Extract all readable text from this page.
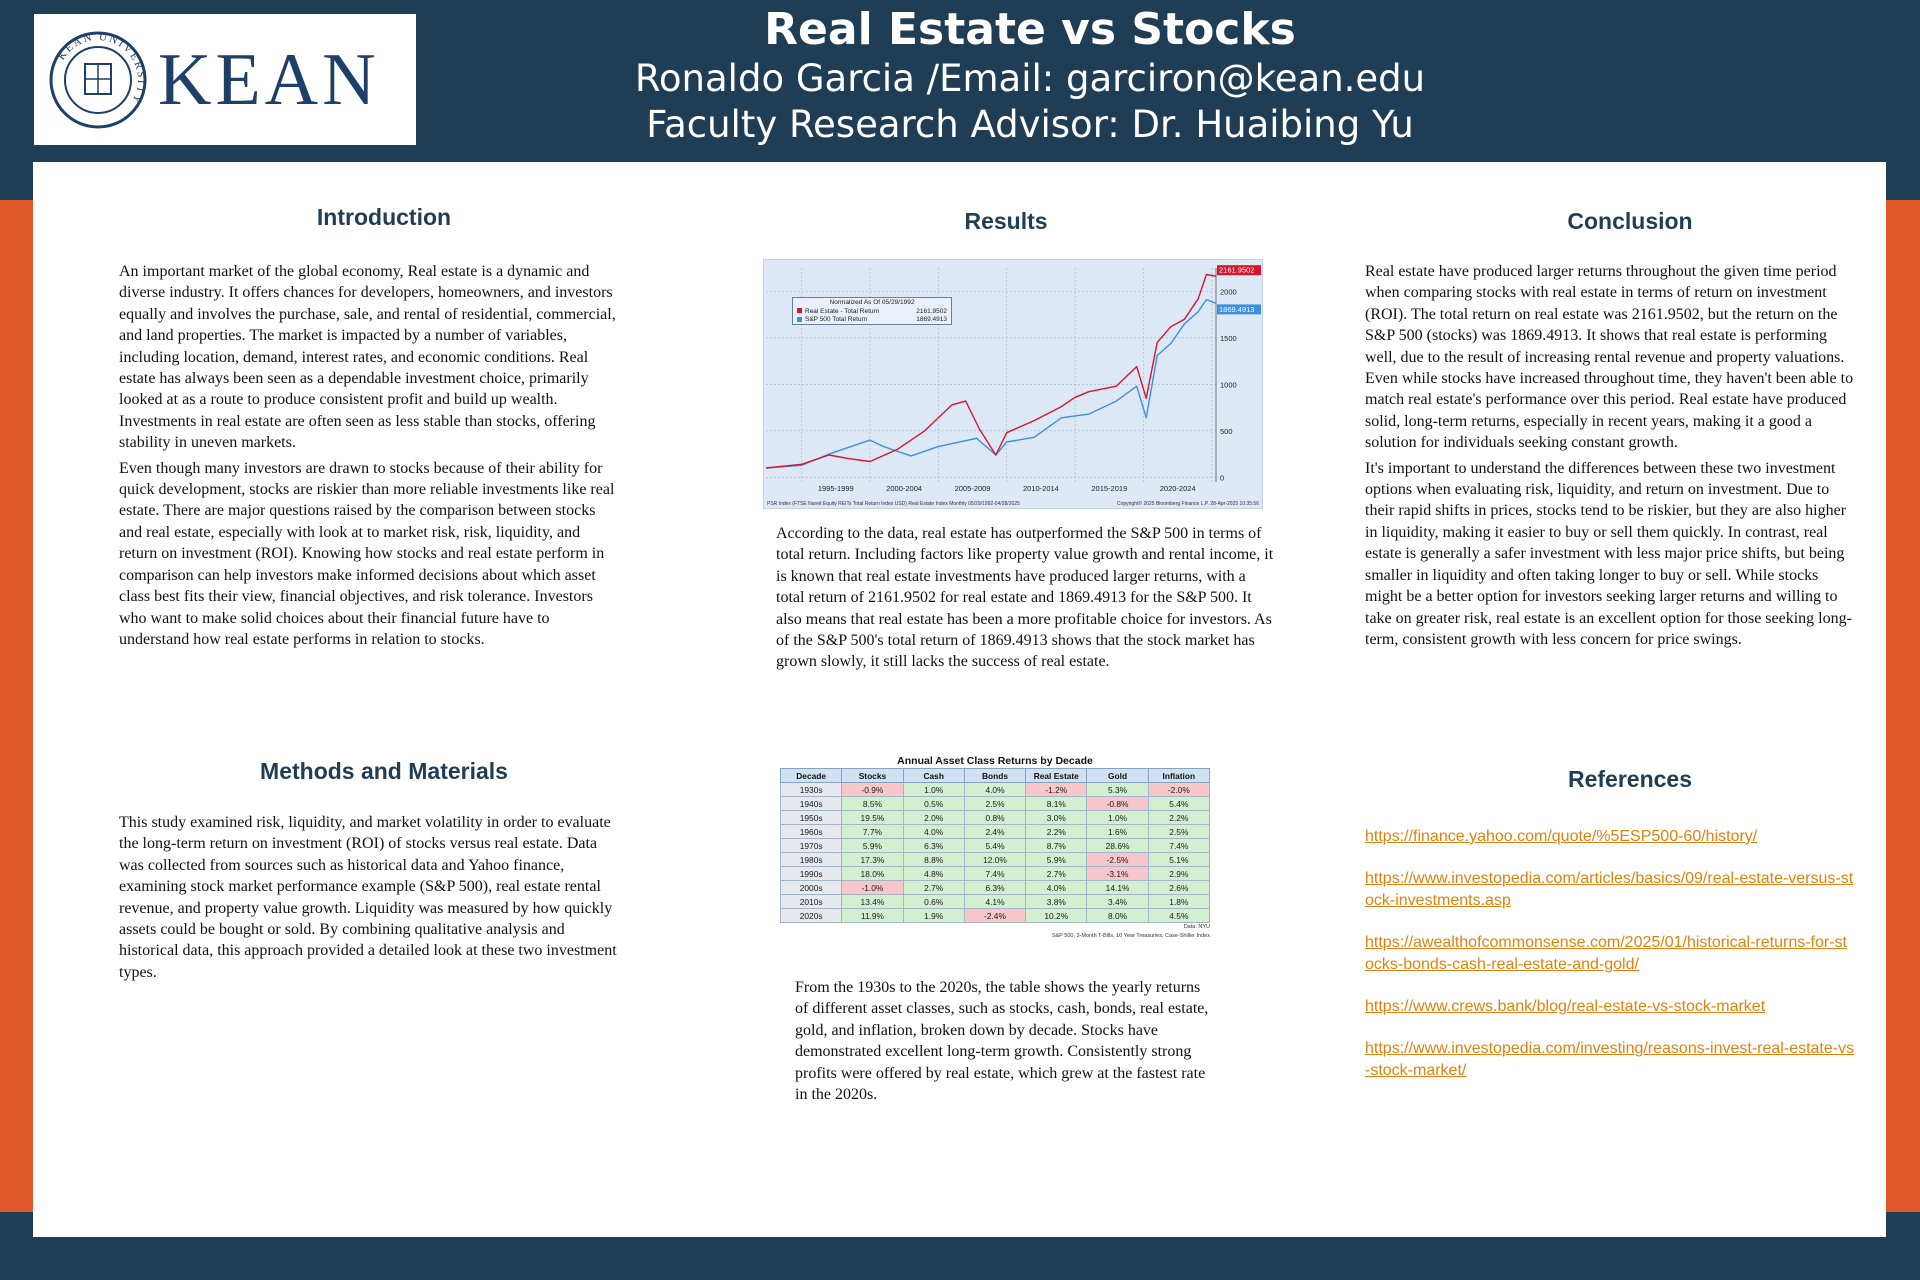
KEAN UNIVERSITY KEAN
Real Estate vs Stocks
Ronaldo Garcia /Email: garciron@kean.edu
Faculty Research Advisor: Dr. Huaibing Yu
Introduction

An important market of the global economy, Real estate is a dynamic and diverse industry. It offers chances for developers, homeowners, and investors equally and involves the purchase, sale, and rental of residential, commercial, and land properties. The market is impacted by a number of variables, including location, demand, interest rates, and economic conditions. Real estate has always been seen as a dependable investment choice, primarily looked at as a route to produce consistent profit and build up wealth. Investments in real estate are often seen as less stable than stocks, offering stability in uneven markets.

Even though many investors are drawn to stocks because of their ability for quick development, stocks are riskier than more reliable investments like real estate. There are major questions raised by the comparison between stocks and real estate, especially with look at to market risk, risk, liquidity, and return on investment (ROI). Knowing how stocks and real estate perform in comparison can help investors make informed decisions about which asset class best fits their view, financial objectives, and risk tolerance. Investors who want to make solid choices about their financial future have to understand how real estate performs in relation to stocks.

Methods and Materials

This study examined risk, liquidity, and market volatility in order to evaluate the long-term return on investment (ROI) of stocks versus real estate. Data was collected from sources such as historical data and Yahoo finance, examining stock market performance example (S&P 500), real estate rental revenue, and property value growth. Liquidity was measured by how quickly assets could be bought or sold. By combining qualitative analysis and historical data, this approach provided a detailed look at these two investment types.

Results
0
500
1000
1500
2000
1995-1999	2000-2004	2005-2009	2010-2014	2015-2019	2020-2024
2161.9502
1869.4913
Normalized As Of 05/29/1992
Real Estate - Total Return	2161.9502
S&P 500 Total Return	1869.4913
PSR Index (FTSE Nareit Equity REITs Total Return Index USD) Real Estate Index Monthly 05/29/1992-04/28/2025	Copyright© 2025 Bloomberg Finance L.P. 28-Apr-2025 10:35:56

According to the data, real estate has outperformed the S&P 500 in terms of total return. Including factors like property value growth and rental income, it is known that real estate investments have produced larger returns, with a total return of 2161.9502 for real estate and 1869.4913 for the S&P 500. It also means that real estate has been a more profitable choice for investors. As of the S&P 500's total return of 1869.4913 shows that the stock market has grown slowly, it still lacks the success of real estate.

Annual Asset Class Returns by Decade
Decade	Stocks	Cash	Bonds	Real Estate	Gold	Inflation
1930s	-0.9%	1.0%	4.0%	-1.2%	5.3%	-2.0%
1940s	8.5%	0.5%	2.5%	8.1%	-0.8%	5.4%
1950s	19.5%	2.0%	0.8%	3.0%	1.0%	2.2%
1960s	7.7%	4.0%	2.4%	2.2%	1.6%	2.5%
1970s	5.9%	6.3%	5.4%	8.7%	28.6%	7.4%
1980s	17.3%	8.8%	12.0%	5.9%	-2.5%	5.1%
1990s	18.0%	4.8%	7.4%	2.7%	-3.1%	2.9%
2000s	-1.0%	2.7%	6.3%	4.0%	14.1%	2.6%
2010s	13.4%	0.6%	4.1%	3.8%	3.4%	1.8%
2020s	11.9%	1.9%	-2.4%	10.2%	8.0%	4.5%
Data: NYU
S&P 500, 3-Month T-Bills, 10 Year Treasuries, Case-Shiller Index

From the 1930s to the 2020s, the table shows the yearly returns of different asset classes, such as stocks, cash, bonds, real estate, gold, and inflation, broken down by decade. Stocks have demonstrated excellent long-term growth. Consistently strong profits were offered by real estate, which grew at the fastest rate in the 2020s.

Conclusion

Real estate have produced larger returns throughout the given time period when comparing stocks with real estate in terms of return on investment (ROI). The total return on real estate was 2161.9502, but the return on the S&P 500 (stocks) was 1869.4913. It shows that real estate is performing well, due to the result of increasing rental revenue and property valuations. Even while stocks have increased throughout time, they haven't been able to match real estate's performance over this period. Real estate have produced solid, long-term returns, especially in recent years, making it a good a solution for individuals seeking constant growth.

It's important to understand the differences between these two investment options when evaluating risk, liquidity, and return on investment. Due to their rapid shifts in prices, stocks tend to be riskier, but they are also higher in liquidity, making it easier to buy or sell them quickly. In contrast, real estate is generally a safer investment with less major price shifts, but being smaller in liquidity and often taking longer to buy or sell. While stocks might be a better option for investors seeking larger returns and willing to take on greater risk, real estate is an excellent option for those seeking long-term, consistent growth with less concern for price swings.

References
https://finance.yahoo.com/quote/%5ESP500-60/history/
https://www.investopedia.com/articles/basics/09/real-estate-versus-stock-investments.asp
https://awealthofcommonsense.com/2025/01/historical-returns-for-stocks-bonds-cash-real-estate-and-gold/
https://www.crews.bank/blog/real-estate-vs-stock-market
https://www.investopedia.com/investing/reasons-invest-real-estate-vs-stock-market/
